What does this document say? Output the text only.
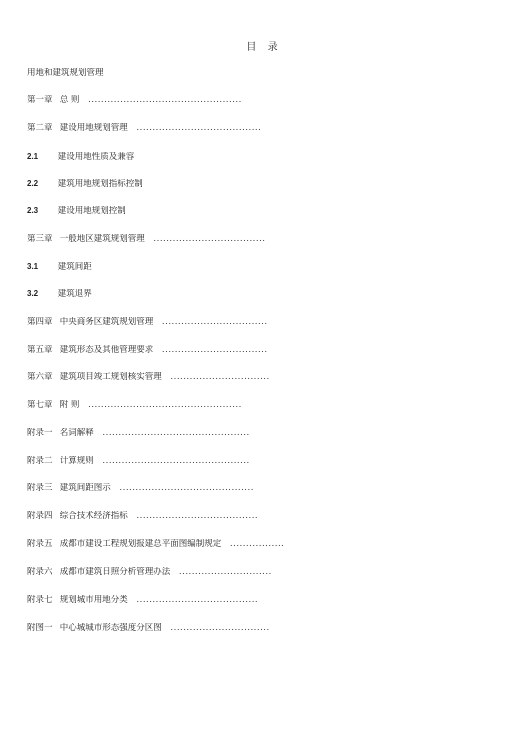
目 录
用地和建筑规划管理
第一章 总 则 ................................................
第二章 建设用地规划管理 .......................................
2.1 建设用地性质及兼容
2.2 建筑用地规划指标控制
2.3 建设用地规划控制
第三章 一般地区建筑规划管理 ...................................
3.1 建筑间距
3.2 建筑退界
第四章 中央商务区建筑规划管理 .................................
第五章 建筑形态及其他管理要求 .................................
第六章 建筑项目竣工规划核实管理 ...............................
第七章 附 则 ................................................
附录一 名词解释 ..............................................
附录二 计算规则 ..............................................
附录三 建筑间距图示 ..........................................
附录四 综合技术经济指标 ......................................
附录五 成都市建设工程规划报建总平面图编制规定 .................
附录六 成都市建筑日照分析管理办法 .............................
附录七 规划城市用地分类 ......................................
附图一 中心城城市形态强度分区图 ...............................
